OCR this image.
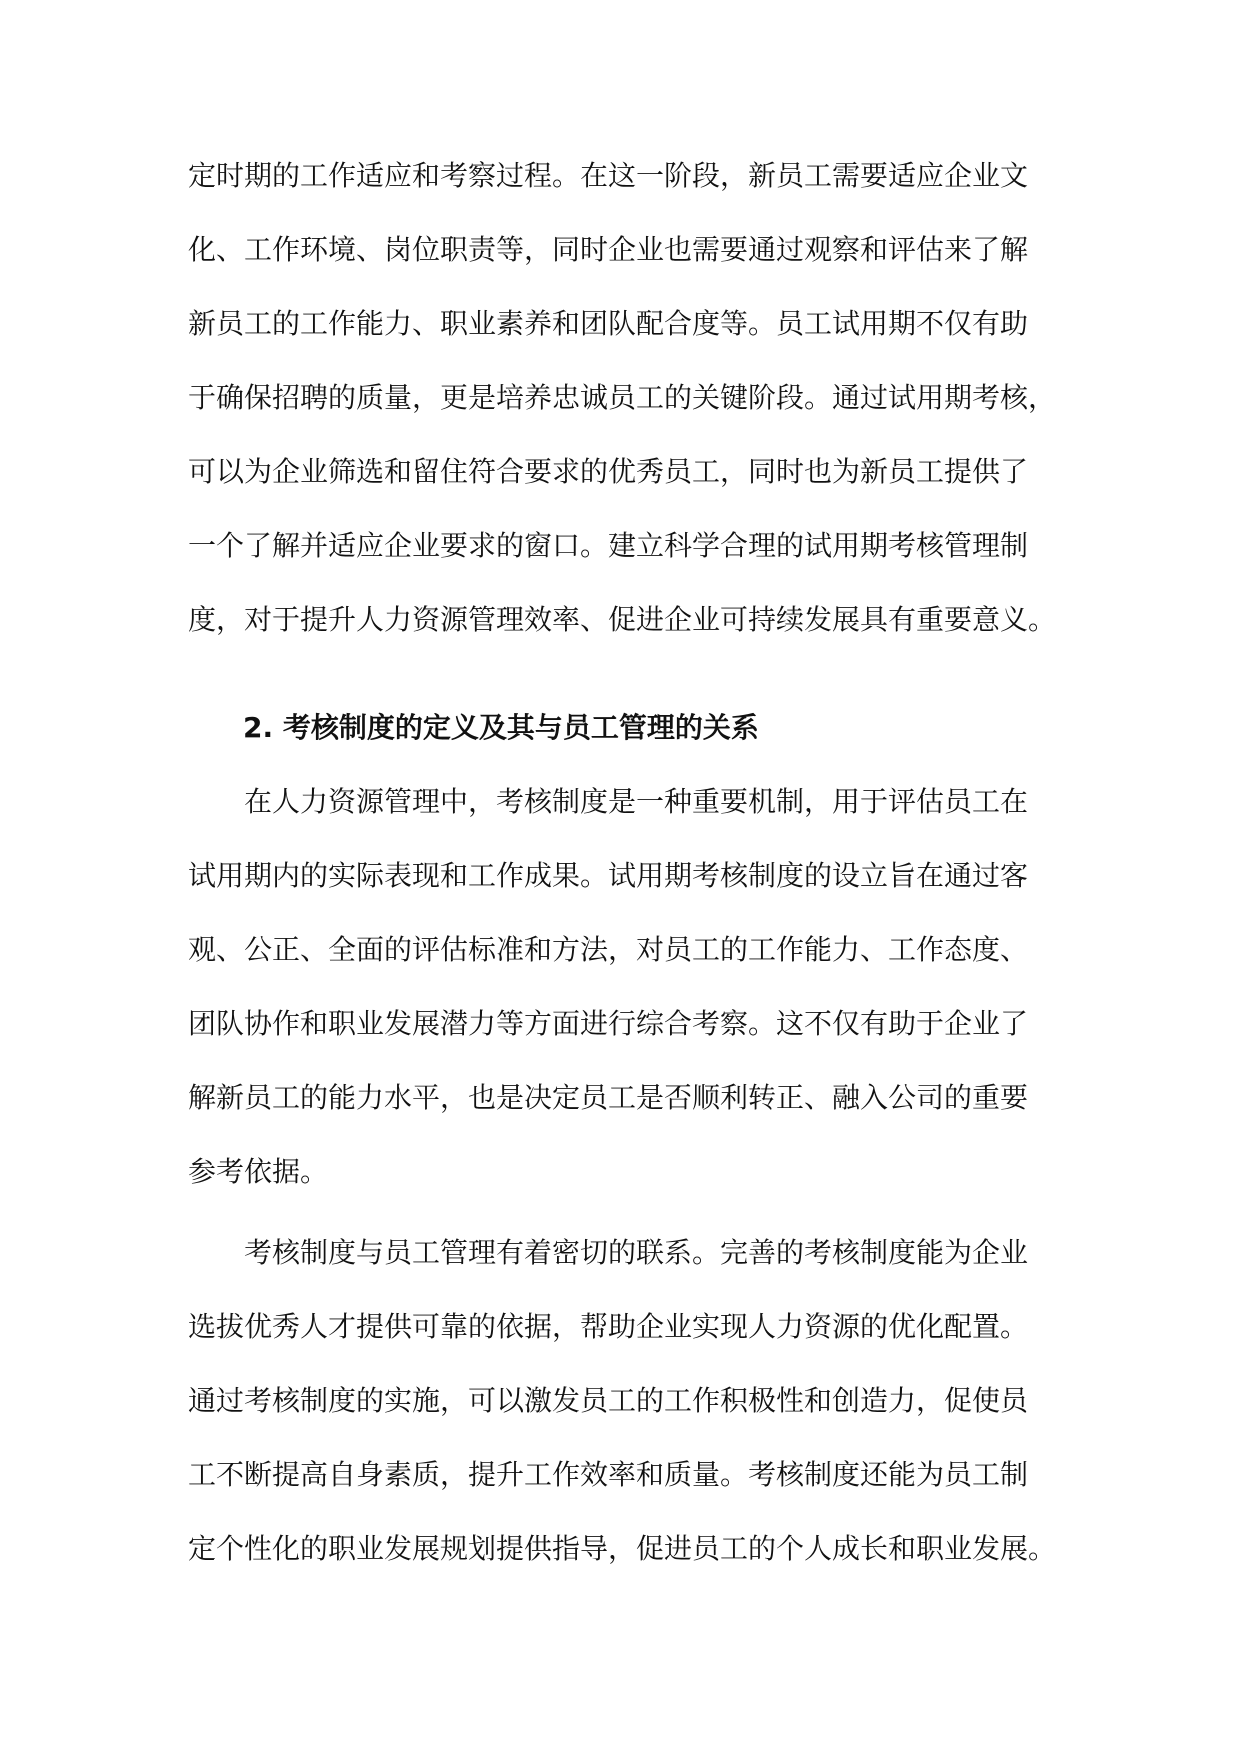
定时期的工作适应和考察过程。在这一阶段，新员工需要适应企业文
化、工作环境、岗位职责等，同时企业也需要通过观察和评估来了解
新员工的工作能力、职业素养和团队配合度等。员工试用期不仅有助
于确保招聘的质量，更是培养忠诚员工的关键阶段。通过试用期考核，
可以为企业筛选和留住符合要求的优秀员工，同时也为新员工提供了
一个了解并适应企业要求的窗口。建立科学合理的试用期考核管理制
度，对于提升人力资源管理效率、促进企业可持续发展具有重要意义。
2. 考核制度的定义及其与员工管理的关系
　　在人力资源管理中，考核制度是一种重要机制，用于评估员工在
试用期内的实际表现和工作成果。试用期考核制度的设立旨在通过客
观、公正、全面的评估标准和方法，对员工的工作能力、工作态度、
团队协作和职业发展潜力等方面进行综合考察。这不仅有助于企业了
解新员工的能力水平，也是决定员工是否顺利转正、融入公司的重要
参考依据。
　　考核制度与员工管理有着密切的联系。完善的考核制度能为企业
选拔优秀人才提供可靠的依据，帮助企业实现人力资源的优化配置。
通过考核制度的实施，可以激发员工的工作积极性和创造力，促使员
工不断提高自身素质，提升工作效率和质量。考核制度还能为员工制
定个性化的职业发展规划提供指导，促进员工的个人成长和职业发展。
